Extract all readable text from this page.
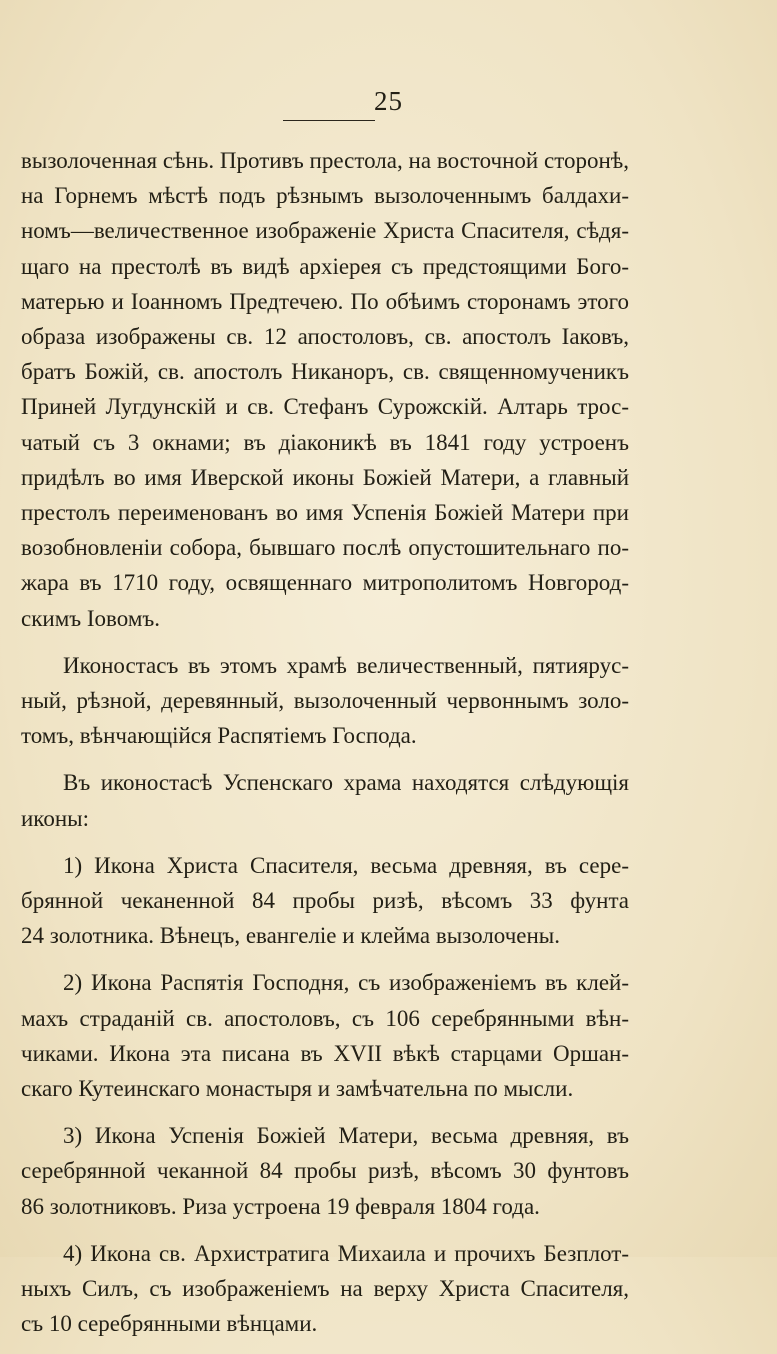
25
вызолоченная сѣнь. Противъ престола, на восточной сторонѣ,
на Горнемъ мѣстѣ подъ рѣзнымъ вызолоченнымъ балдахи-
номъ—величественное изображеніе Христа Спасителя, сѣдя-
щаго на престолѣ въ видѣ архіерея съ предстоящими Бого-
матерью и Іоанномъ Предтечею. По обѣимъ сторонамъ этого
образа изображены св. 12 апостоловъ, св. апостолъ Іаковъ,
братъ Божій, св. апостолъ Никаноръ, св. священномученикъ
Приней Лугдунскій и св. Стефанъ Сурожскій. Алтарь трос-
чатый съ 3 окнами; въ діаконикѣ въ 1841 году устроенъ
придѣлъ во имя Иверской иконы Божіей Матери, а главный
престолъ переименованъ во имя Успенія Божіей Матери при
возобновленіи собора, бывшаго послѣ опустошительнаго по-
жара въ 1710 году, освященнаго митрополитомъ Новгород-
скимъ Іовомъ.
Иконостасъ въ этомъ храмѣ величественный, пятиярус-
ный, рѣзной, деревянный, вызолоченный червоннымъ золо-
томъ, вѣнчающійся Распятіемъ Господа.
Въ иконостасѣ Успенскаго храма находятся слѣдующія
иконы:
1) Икона Христа Спасителя, весьма древняя, въ сере-
брянной чеканенной 84 пробы ризѣ, вѣсомъ 33 фунта
24 золотника. Вѣнецъ, евангеліе и клейма вызолочены.
2) Икона Распятія Господня, съ изображеніемъ въ клей-
махъ страданій св. апостоловъ, съ 106 серебрянными вѣн-
чиками. Икона эта писана въ XVII вѣкѣ старцами Оршан-
скаго Кутеинскаго монастыря и замѣчательна по мысли.
3) Икона Успенія Божіей Матери, весьма древняя, въ
серебрянной чеканной 84 пробы ризѣ, вѣсомъ 30 фунтовъ
86 золотниковъ. Риза устроена 19 февраля 1804 года.
4) Икона св. Архистратига Михаила и прочихъ Безплот-
ныхъ Силъ, съ изображеніемъ на верху Христа Спасителя,
съ 10 серебрянными вѣнцами.
